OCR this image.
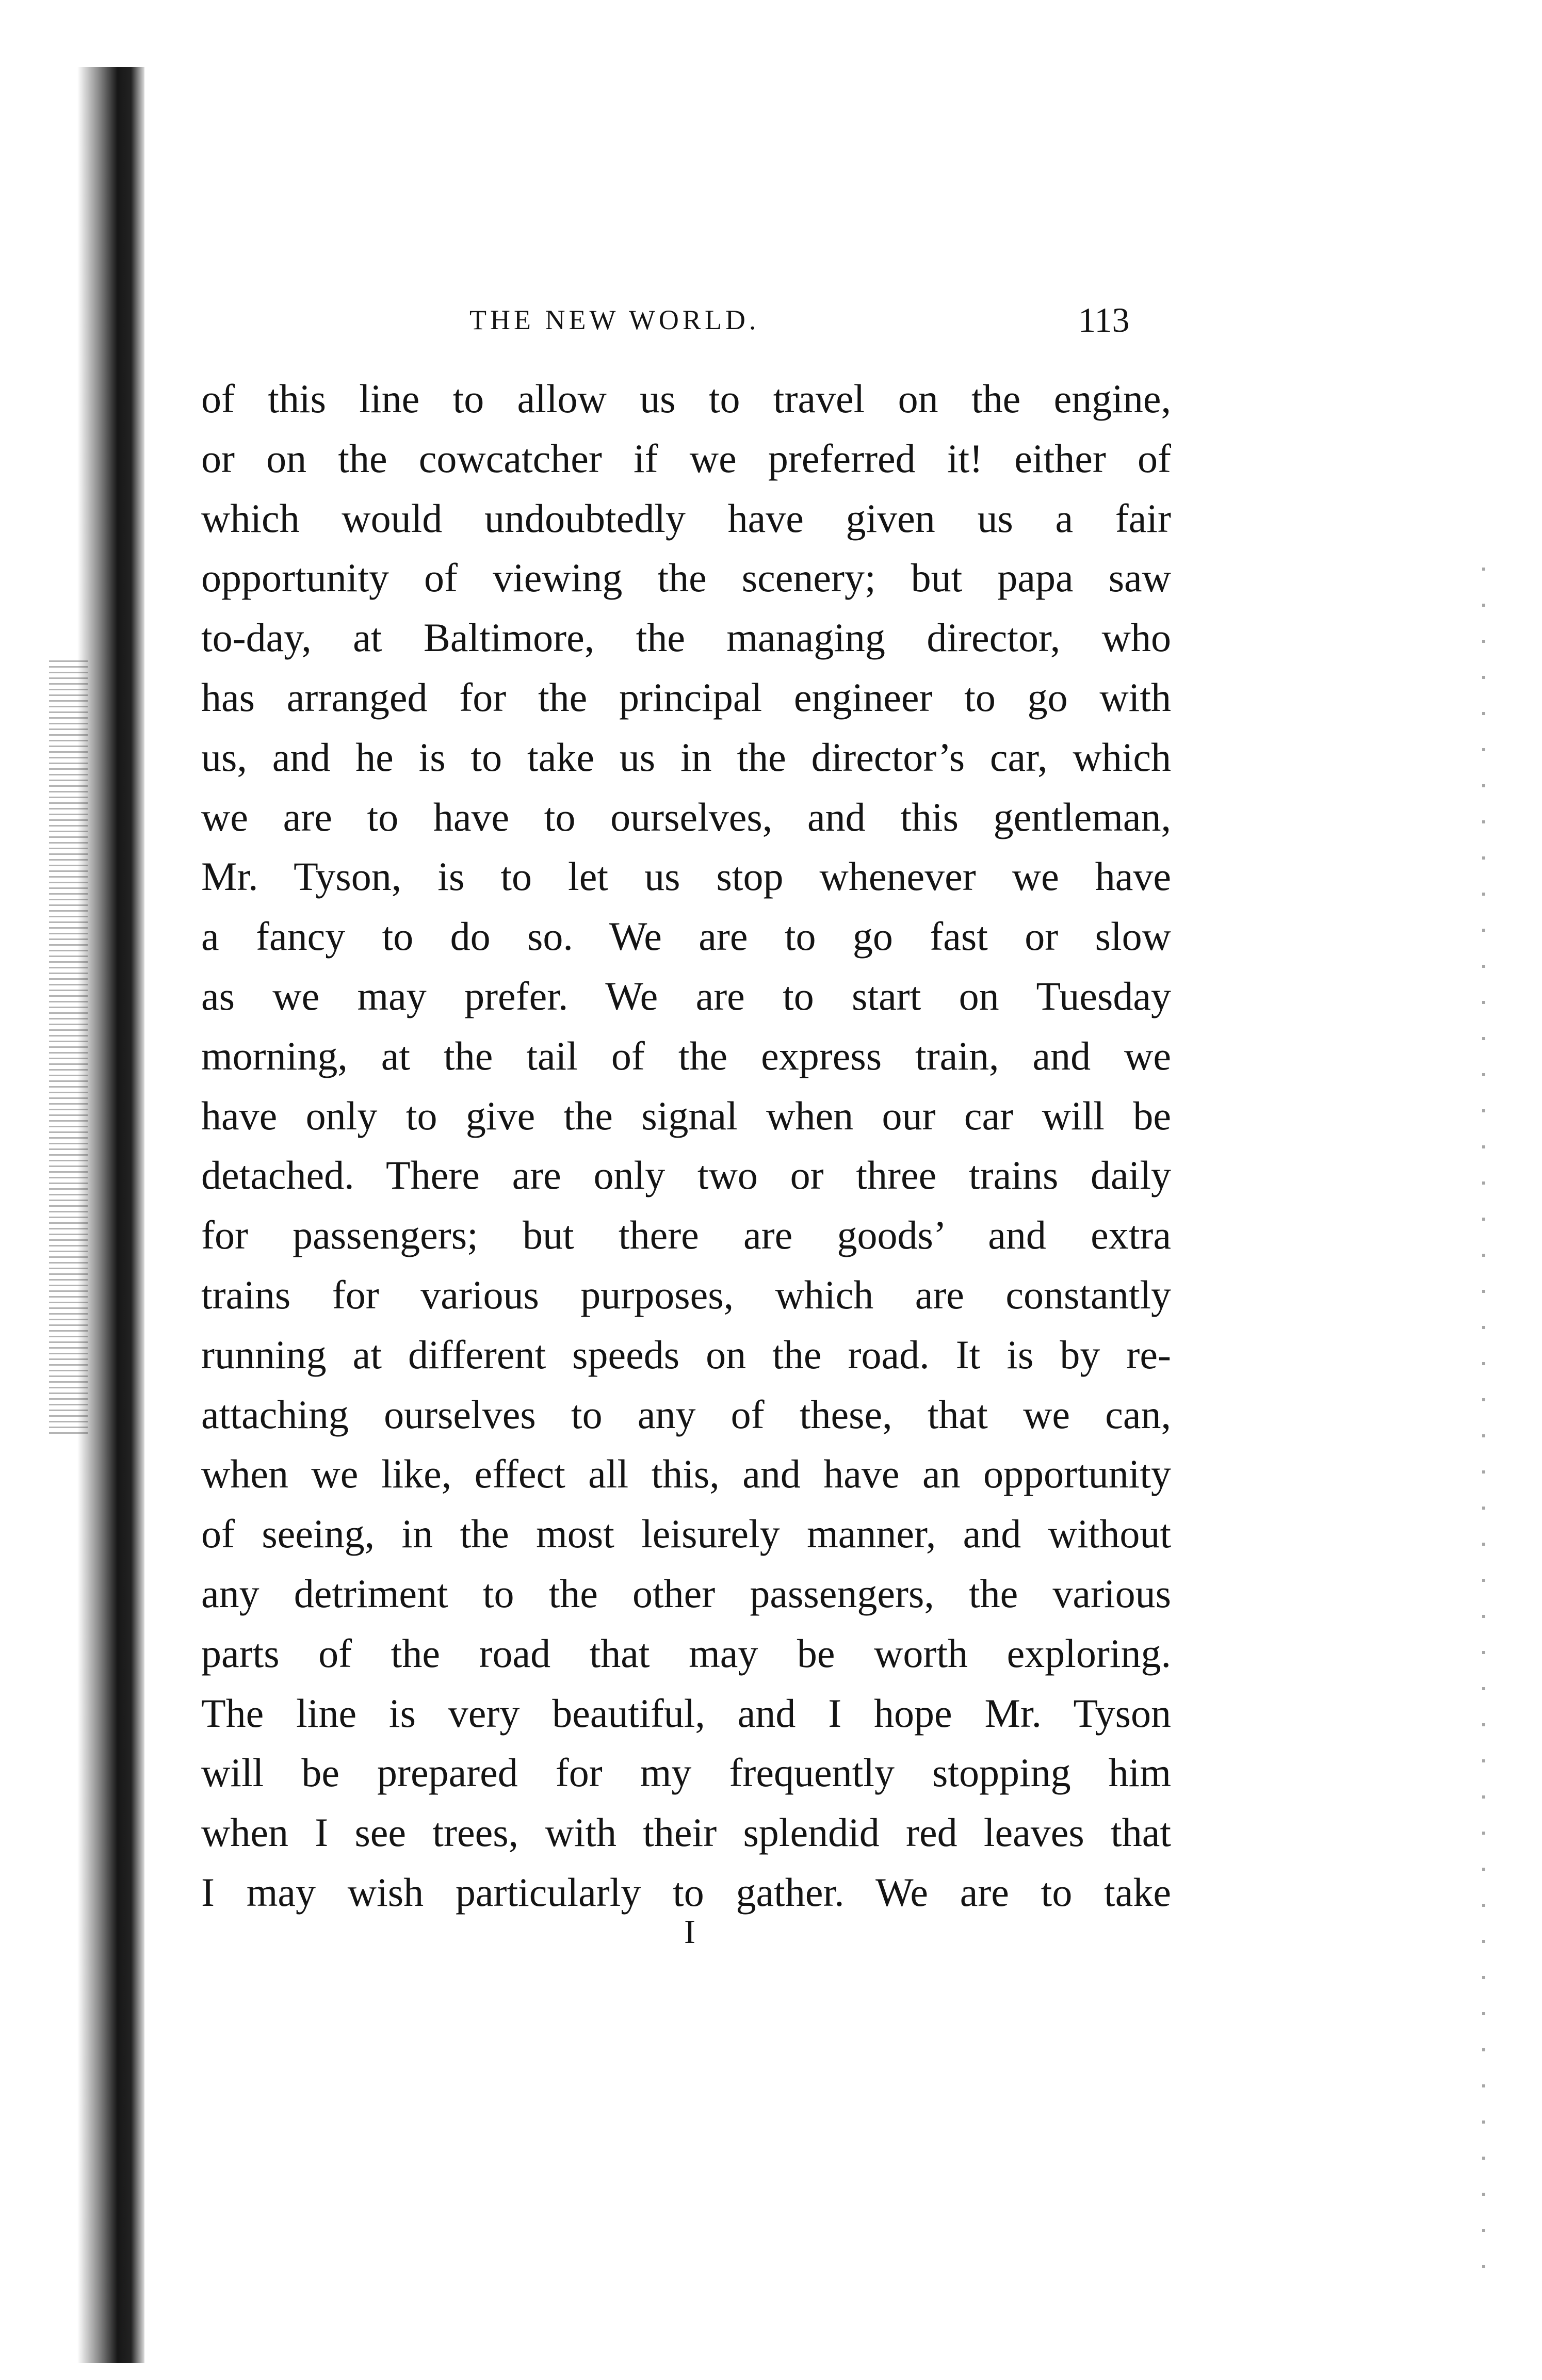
THE NEW WORLD.	113
of this line to allow us to travel on the engine,
or on the cowcatcher if we preferred it! either of
which would undoubtedly have given us a fair
opportunity of viewing the scenery; but papa saw
to-day, at Baltimore, the managing director, who
has arranged for the principal engineer to go with
us, and he is to take us in the director’s car, which
we are to have to ourselves, and this gentleman,
Mr. Tyson, is to let us stop whenever we have
a fancy to do so. We are to go fast or slow
as we may prefer. We are to start on Tuesday
morning, at the tail of the express train, and we
have only to give the signal when our car will be
detached. There are only two or three trains daily
for passengers; but there are goods’ and extra
trains for various purposes, which are constantly
running at different speeds on the road. It is by re-
attaching ourselves to any of these, that we can,
when we like, effect all this, and have an opportunity
of seeing, in the most leisurely manner, and without
any detriment to the other passengers, the various
parts of the road that may be worth exploring.
The line is very beautiful, and I hope Mr. Tyson
will be prepared for my frequently stopping him
when I see trees, with their splendid red leaves that
I may wish particularly to gather. We are to take
I
